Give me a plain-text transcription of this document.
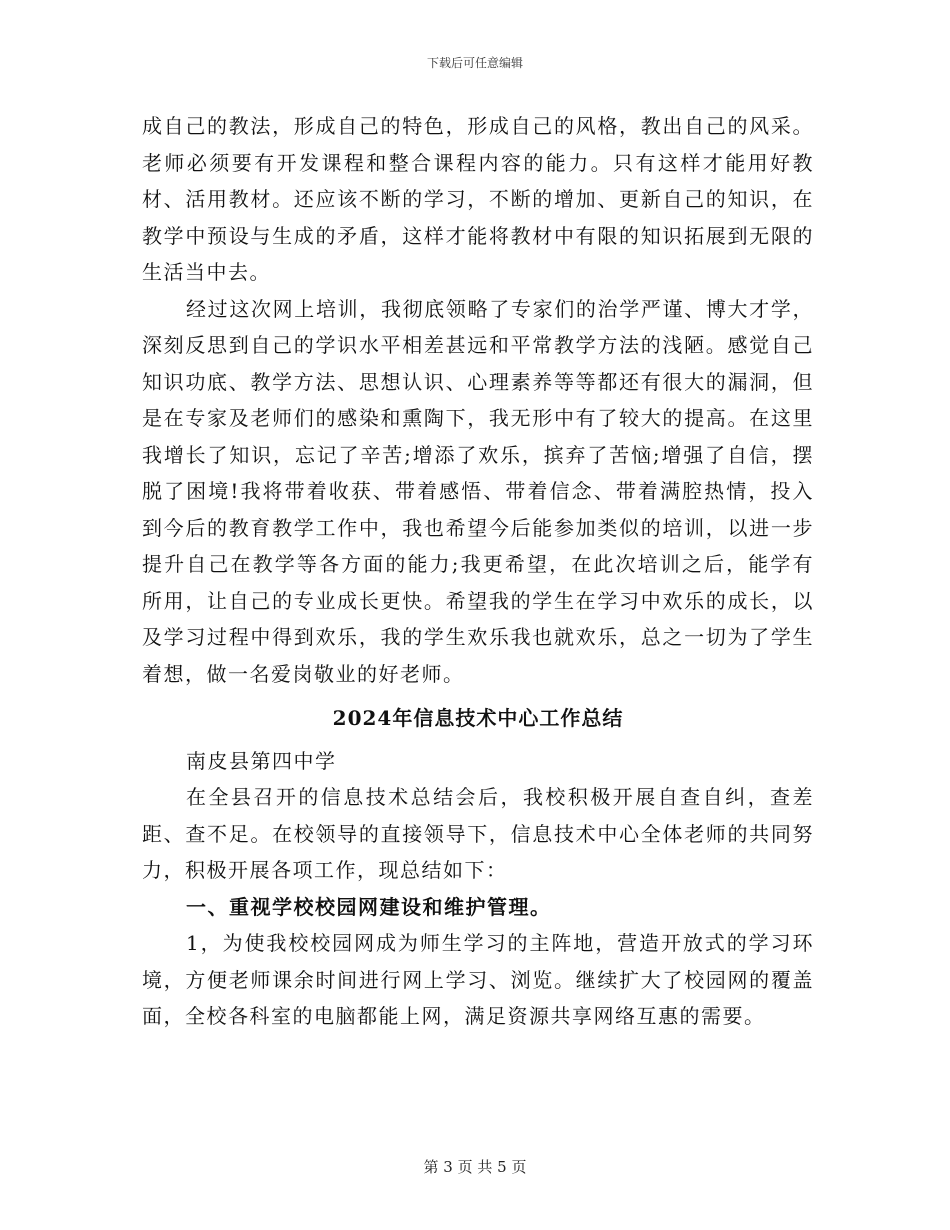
下载后可任意编辑

成自己的教法，形成自己的特色，形成自己的风格，教出自己的风采。老师必须要有开发课程和整合课程内容的能力。只有这样才能用好教材、活用教材。还应该不断的学习，不断的增加、更新自己的知识，在教学中预设与生成的矛盾，这样才能将教材中有限的知识拓展到无限的生活当中去。

经过这次网上培训，我彻底领略了专家们的治学严谨、博大才学，深刻反思到自己的学识水平相差甚远和平常教学方法的浅陋。感觉自己知识功底、教学方法、思想认识、心理素养等等都还有很大的漏洞，但是在专家及老师们的感染和熏陶下，我无形中有了较大的提高。在这里我增长了知识，忘记了辛苦;增添了欢乐，摈弃了苦恼;增强了自信，摆脱了困境!我将带着收获、带着感悟、带着信念、带着满腔热情，投入到今后的教育教学工作中，我也希望今后能参加类似的培训，以进一步提升自己在教学等各方面的能力;我更希望，在此次培训之后，能学有所用，让自己的专业成长更快。希望我的学生在学习中欢乐的成长，以及学习过程中得到欢乐，我的学生欢乐我也就欢乐，总之一切为了学生着想，做一名爱岗敬业的好老师。

2024年信息技术中心工作总结

南皮县第四中学

在全县召开的信息技术总结会后，我校积极开展自查自纠，查差距、查不足。在校领导的直接领导下，信息技术中心全体老师的共同努力，积极开展各项工作，现总结如下：

一、重视学校校园网建设和维护管理。

1，为使我校校园网成为师生学习的主阵地，营造开放式的学习环境，方便老师课余时间进行网上学习、浏览。继续扩大了校园网的覆盖面，全校各科室的电脑都能上网，满足资源共享网络互惠的需要。

第 3 页 共 5 页
